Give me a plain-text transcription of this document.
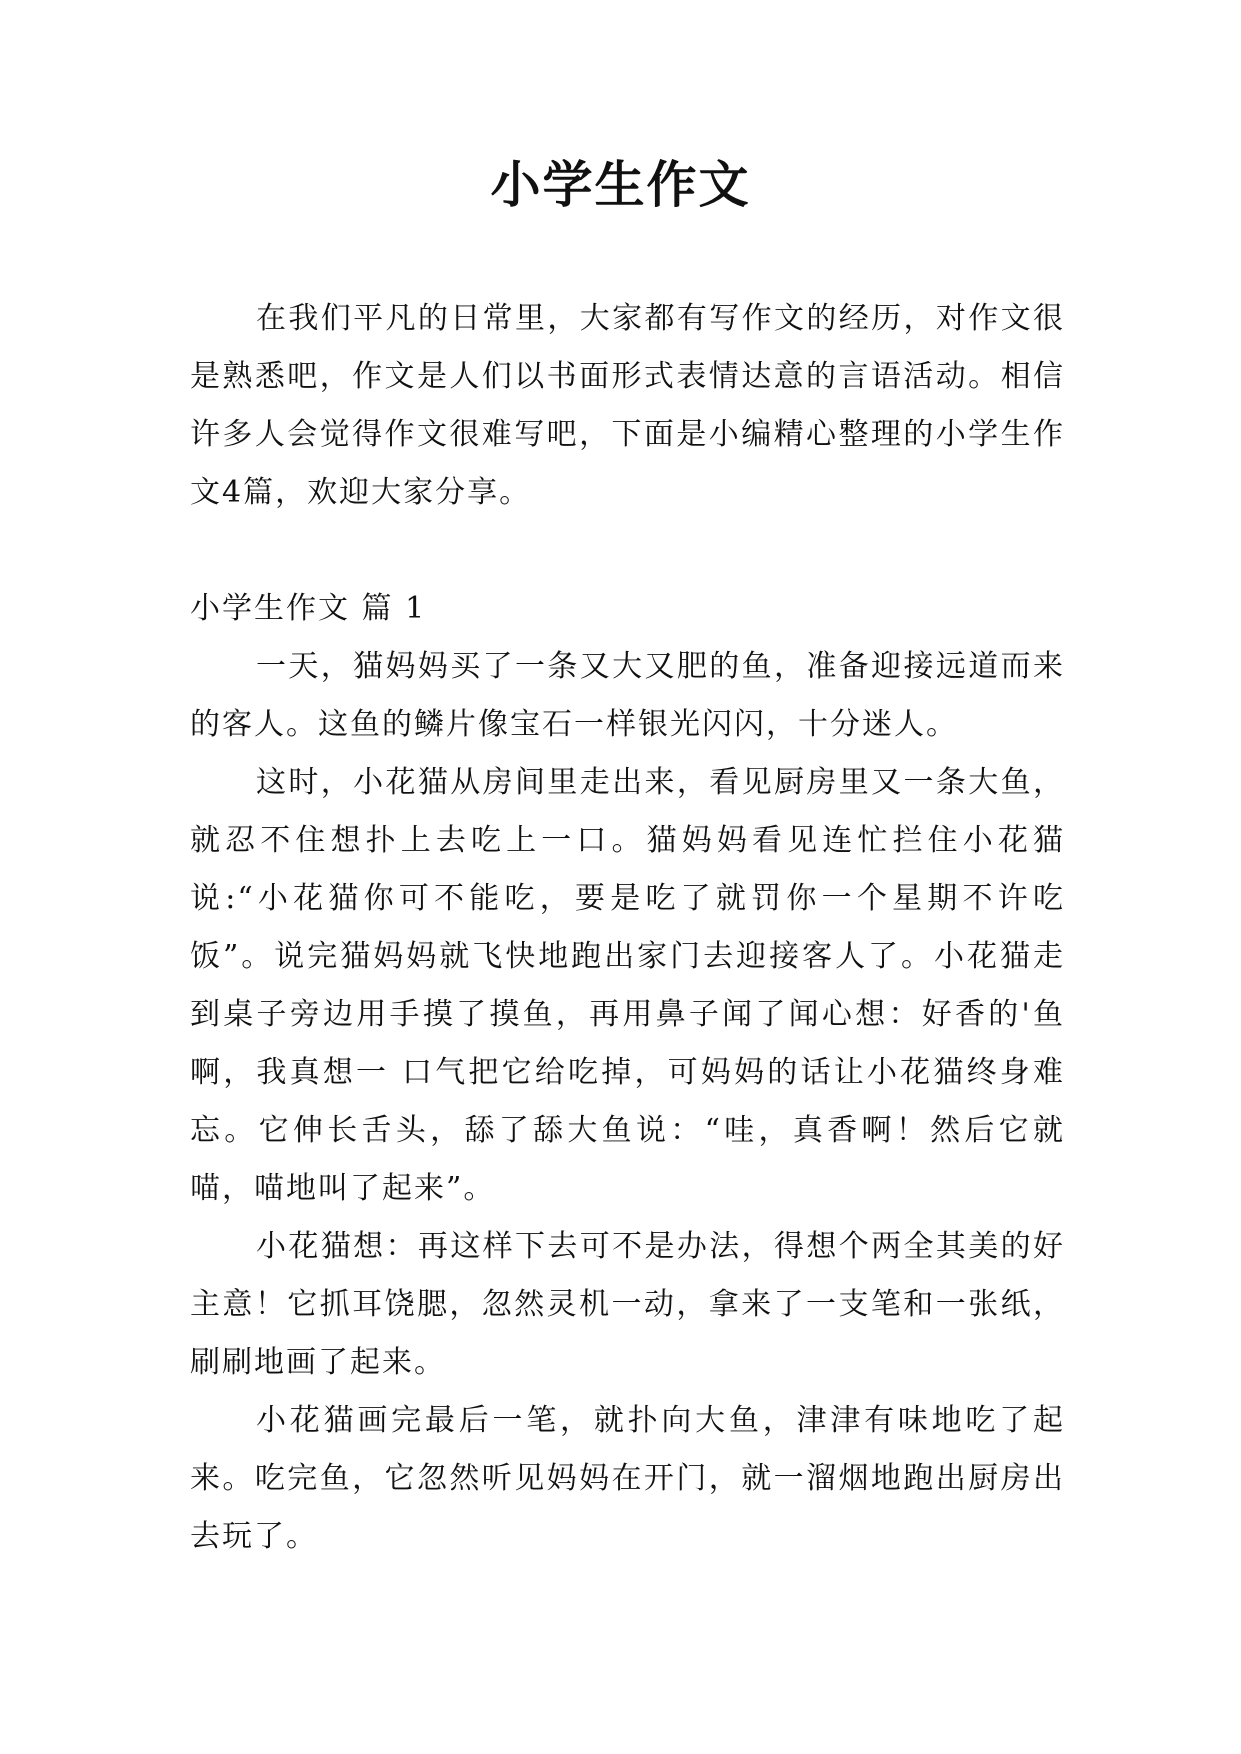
小学生作文

在我们平凡的日常里，大家都有写作文的经历，对作文很是熟悉吧，作文是人们以书面形式表情达意的言语活动。相信许多人会觉得作文很难写吧，下面是小编精心整理的小学生作文4篇，欢迎大家分享。

小学生作文 篇 1

一天，猫妈妈买了一条又大又肥的鱼，准备迎接远道而来的客人。这鱼的鳞片像宝石一样银光闪闪，十分迷人。

这时，小花猫从房间里走出来，看见厨房里又一条大鱼，就忍不住想扑上去吃上一口。猫妈妈看见连忙拦住小花猫说:“小花猫你可不能吃，要是吃了就罚你一个星期不许吃饭”。说完猫妈妈就飞快地跑出家门去迎接客人了。小花猫走到桌子旁边用手摸了摸鱼，再用鼻子闻了闻心想：好香的'鱼啊，我真想一 口气把它给吃掉，可妈妈的话让小花猫终身难忘。它伸长舌头，舔了舔大鱼说：“哇，真香啊！然后它就喵，喵地叫了起来”。

小花猫想：再这样下去可不是办法，得想个两全其美的好主意！它抓耳饶腮，忽然灵机一动，拿来了一支笔和一张纸，刷刷地画了起来。

小花猫画完最后一笔，就扑向大鱼，津津有味地吃了起来。吃完鱼，它忽然听见妈妈在开门，就一溜烟地跑出厨房出去玩了。
